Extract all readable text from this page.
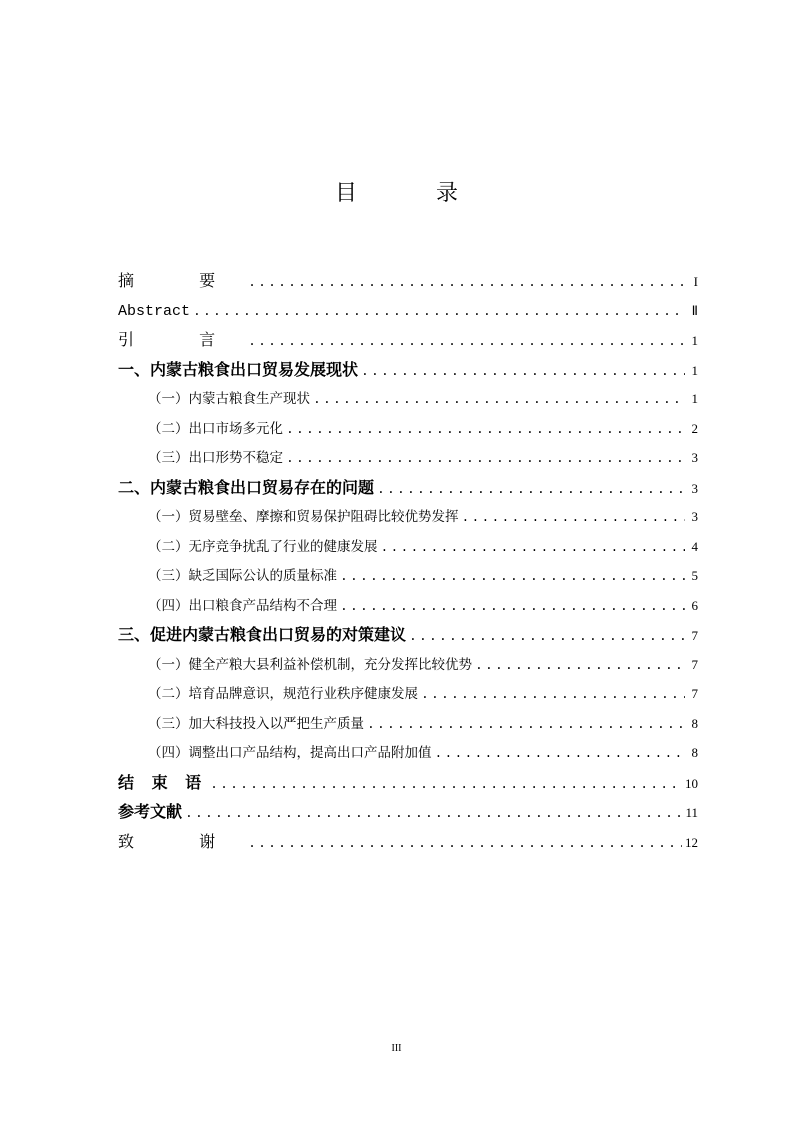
目 录
摘 要 .....	I
Abstract .....	Ⅱ
引 言 .....	1
一、内蒙古粮食出口贸易发展现状 .....	1
（一）内蒙古粮食生产现状 .....	1
（二）出口市场多元化 .....	2
（三）出口形势不稳定 .....	3
二、内蒙古粮食出口贸易存在的问题 .....	3
（一）贸易壁垒、摩擦和贸易保护阻碍比较优势发挥 .....	3
（二）无序竞争扰乱了行业的健康发展 .....	4
（三）缺乏国际公认的质量标准 .....	5
（四）出口粮食产品结构不合理 .....	6
三、促进内蒙古粮食出口贸易的对策建议 .....	7
（一）健全产粮大县利益补偿机制，充分发挥比较优势 .....	7
（二）培育品牌意识，规范行业秩序健康发展 .....	7
（三）加大科技投入以严把生产质量 .....	8
（四）调整出口产品结构，提高出口产品附加值 .....	8
结 束 语 .....	10
参考文献 .....	11
致 谢 .....	12
III
